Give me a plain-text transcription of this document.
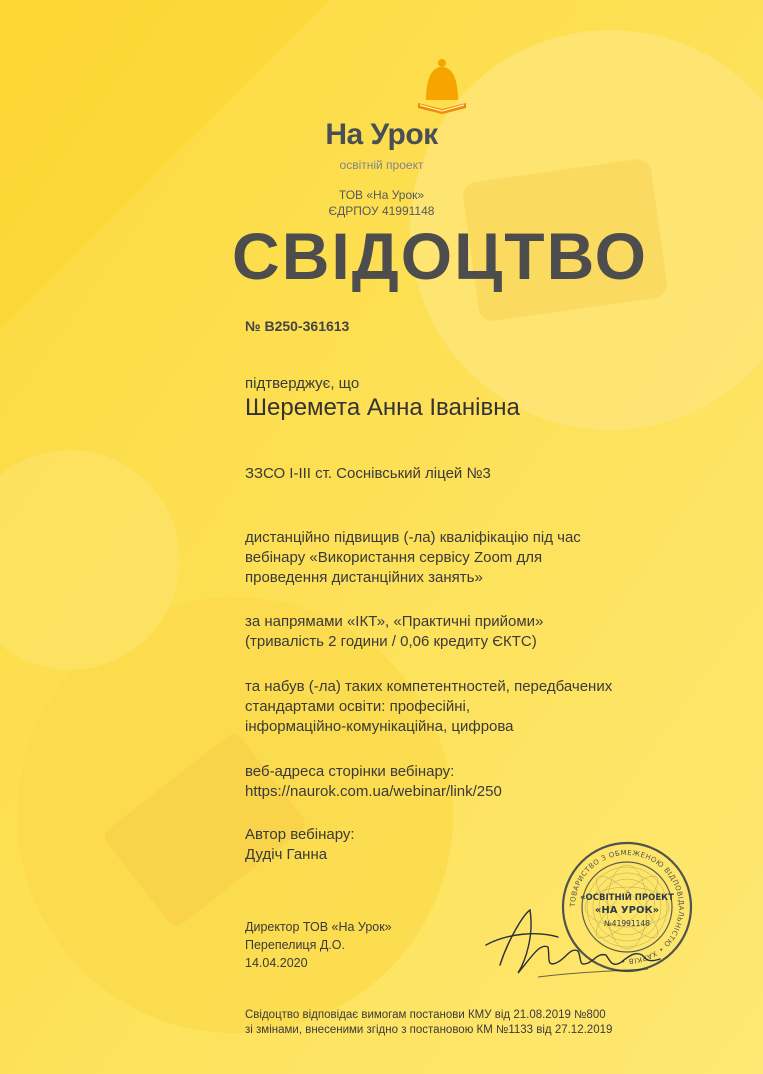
На Урок
освітній проект
ТОВ «На Урок»
ЄДРПОУ 41991148
СВІДОЦТВО
№ В250-361613
підтверджує, що
Шеремета Анна Іванівна
ЗЗСО І-ІІІ ст. Соснівський ліцей №3
дистанційно підвищив (-ла) кваліфікацію під час
вебінару «Використання сервісу Zoom для
проведення дистанційних занять»
за напрямами «ІКТ», «Практичні прийоми»
(тривалість 2 години / 0,06 кредиту ЄКТС)
та набув (-ла) таких компетентностей, передбачених
стандартами освіти: професійні,
інформаційно-комунікаційна, цифрова
веб-адреса сторінки вебінару:
https://naurok.com.ua/webinar/link/250
Автор вебінару:
Дудіч Ганна
Директор ТОВ «На Урок»
Перепелиця Д.О.
14.04.2020
ТОВАРИСТВО З ОБМЕЖЕНОЮ ВІДПОВІДАЛЬНІСТЮ • ХАРКІВ •
«ОСВІТНІЙ ПРОЕКТ
«НА УРОК»
№41991148
Свідоцтво відповідає вимогам постанови КМУ від 21.08.2019 №800
зі змінами, внесеними згідно з постановою КМ №1133 від 27.12.2019
